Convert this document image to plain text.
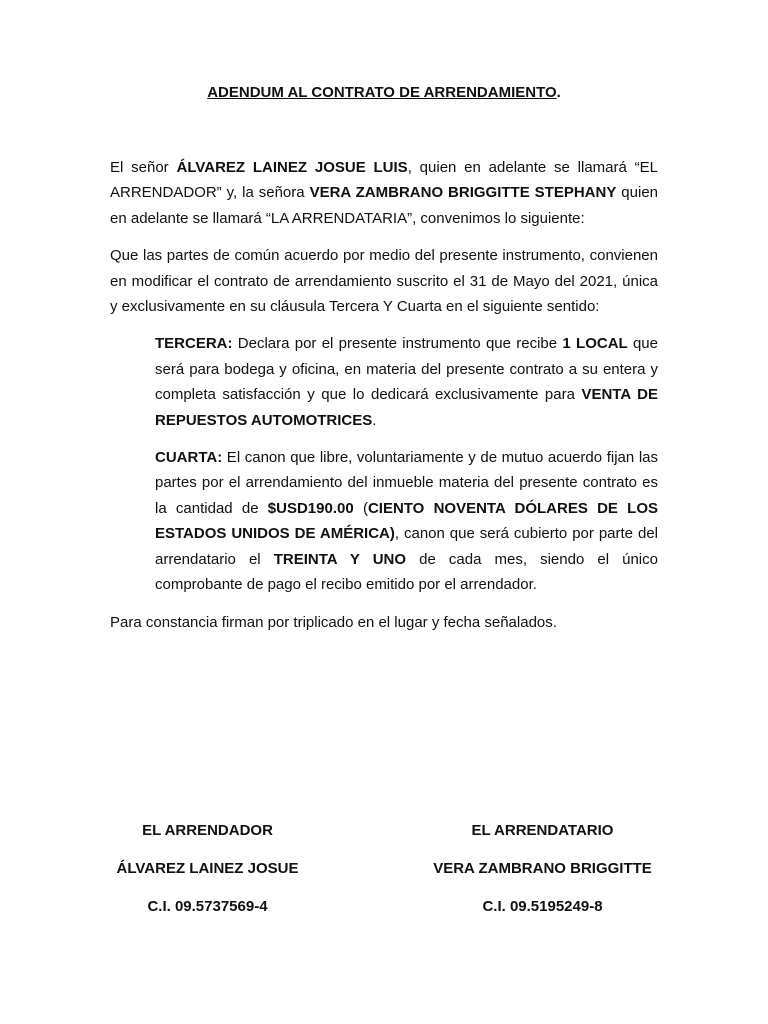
ADENDUM AL CONTRATO DE ARRENDAMIENTO.

El señor ÁLVAREZ LAINEZ JOSUE LUIS, quien en adelante se llamará “EL ARRENDADOR” y, la señora VERA ZAMBRANO BRIGGITTE STEPHANY quien en adelante se llamará “LA ARRENDATARIA”, convenimos lo siguiente:

Que las partes de común acuerdo por medio del presente instrumento, convienen en modificar el contrato de arrendamiento suscrito el 31 de Mayo del 2021, única y exclusivamente en su cláusula Tercera Y Cuarta en el siguiente sentido:

TERCERA: Declara por el presente instrumento que recibe 1 LOCAL que será para bodega y oficina, en materia del presente contrato a su entera y completa satisfacción y que lo dedicará exclusivamente para VENTA DE REPUESTOS AUTOMOTRICES.

CUARTA: El canon que libre, voluntariamente y de mutuo acuerdo fijan las partes por el arrendamiento del inmueble materia del presente contrato es la cantidad de $USD190.00 (CIENTO NOVENTA DÓLARES DE LOS ESTADOS UNIDOS DE AMÉRICA), canon que será cubierto por parte del arrendatario el TREINTA Y UNO de cada mes, siendo el único comprobante de pago el recibo emitido por el arrendador.

Para constancia firman por triplicado en el lugar y fecha señalados.

EL ARRENDADOR
ÁLVAREZ LAINEZ JOSUE
C.I. 09.5737569-4
EL ARRENDATARIO
VERA ZAMBRANO BRIGGITTE
C.I. 09.5195249-8
